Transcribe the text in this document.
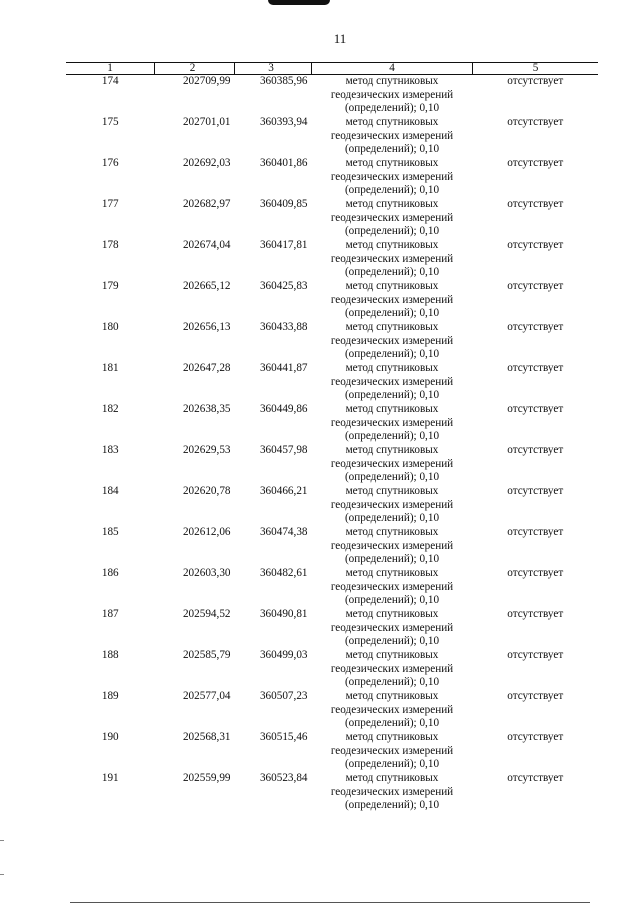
11
1	2	3	4	5
174	202709,99	360385,96	метод спутниковых
геодезических измерений
(определений); 0,10	отсутствует
175	202701,01	360393,94	метод спутниковых
геодезических измерений
(определений); 0,10	отсутствует
176	202692,03	360401,86	метод спутниковых
геодезических измерений
(определений); 0,10	отсутствует
177	202682,97	360409,85	метод спутниковых
геодезических измерений
(определений); 0,10	отсутствует
178	202674,04	360417,81	метод спутниковых
геодезических измерений
(определений); 0,10	отсутствует
179	202665,12	360425,83	метод спутниковых
геодезических измерений
(определений); 0,10	отсутствует
180	202656,13	360433,88	метод спутниковых
геодезических измерений
(определений); 0,10	отсутствует
181	202647,28	360441,87	метод спутниковых
геодезических измерений
(определений); 0,10	отсутствует
182	202638,35	360449,86	метод спутниковых
геодезических измерений
(определений); 0,10	отсутствует
183	202629,53	360457,98	метод спутниковых
геодезических измерений
(определений); 0,10	отсутствует
184	202620,78	360466,21	метод спутниковых
геодезических измерений
(определений); 0,10	отсутствует
185	202612,06	360474,38	метод спутниковых
геодезических измерений
(определений); 0,10	отсутствует
186	202603,30	360482,61	метод спутниковых
геодезических измерений
(определений); 0,10	отсутствует
187	202594,52	360490,81	метод спутниковых
геодезических измерений
(определений); 0,10	отсутствует
188	202585,79	360499,03	метод спутниковых
геодезических измерений
(определений); 0,10	отсутствует
189	202577,04	360507,23	метод спутниковых
геодезических измерений
(определений); 0,10	отсутствует
190	202568,31	360515,46	метод спутниковых
геодезических измерений
(определений); 0,10	отсутствует
191	202559,99	360523,84	метод спутниковых
геодезических измерений
(определений); 0,10	отсутствует
